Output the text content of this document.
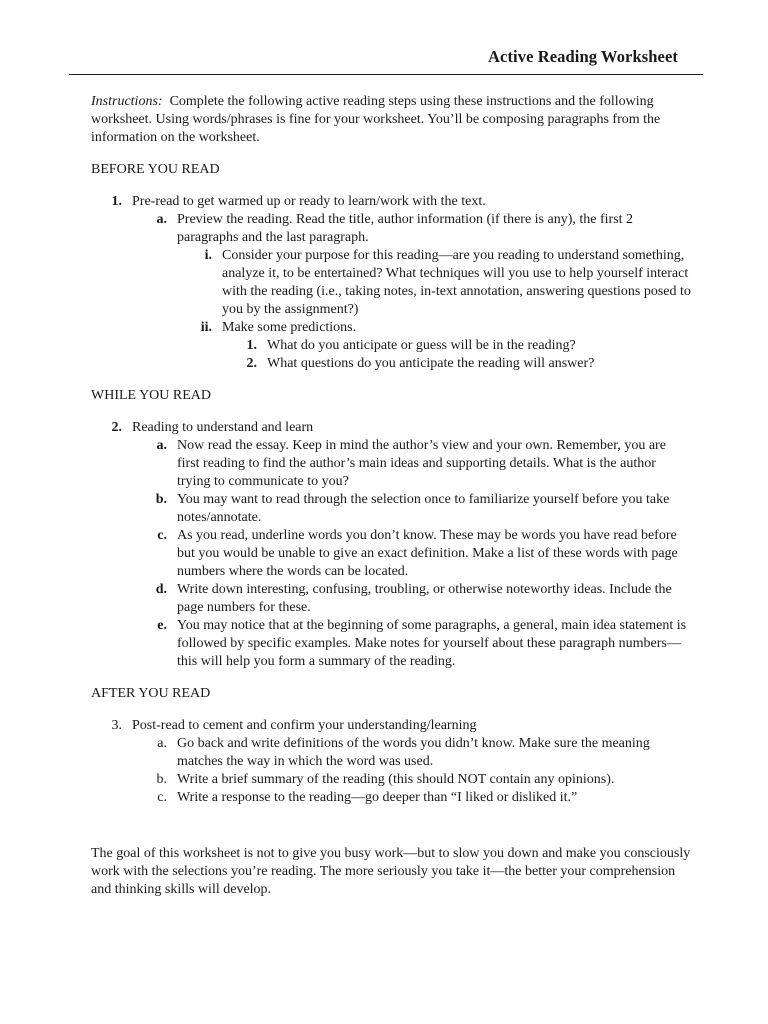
Active Reading Worksheet

Instructions: Complete the following active reading steps using these instructions and the following worksheet. Using words/phrases is fine for your worksheet. You’ll be composing paragraphs from the information on the worksheet.

BEFORE YOU READ
1. Pre-read to get warmed up or ready to learn/work with the text.
a. Preview the reading. Read the title, author information (if there is any), the first 2 paragraphs and the last paragraph.
i. Consider your purpose for this reading—are you reading to understand something, analyze it, to be entertained? What techniques will you use to help yourself interact with the reading (i.e., taking notes, in-text annotation, answering questions posed to you by the assignment?)
ii. Make some predictions.
1. What do you anticipate or guess will be in the reading?
2. What questions do you anticipate the reading will answer?
WHILE YOU READ
2. Reading to understand and learn
a. Now read the essay. Keep in mind the author’s view and your own. Remember, you are first reading to find the author’s main ideas and supporting details. What is the author trying to communicate to you?
b. You may want to read through the selection once to familiarize yourself before you take notes/annotate.
c. As you read, underline words you don’t know. These may be words you have read before but you would be unable to give an exact definition. Make a list of these words with page numbers where the words can be located.
d. Write down interesting, confusing, troubling, or otherwise noteworthy ideas. Include the page numbers for these.
e. You may notice that at the beginning of some paragraphs, a general, main idea statement is followed by specific examples. Make notes for yourself about these paragraph numbers—this will help you form a summary of the reading.
AFTER YOU READ
3. Post-read to cement and confirm your understanding/learning
a. Go back and write definitions of the words you didn’t know. Make sure the meaning matches the way in which the word was used.
b. Write a brief summary of the reading (this should NOT contain any opinions).
c. Write a response to the reading—go deeper than “I liked or disliked it.”

The goal of this worksheet is not to give you busy work—but to slow you down and make you consciously work with the selections you’re reading. The more seriously you take it—the better your comprehension and thinking skills will develop.
